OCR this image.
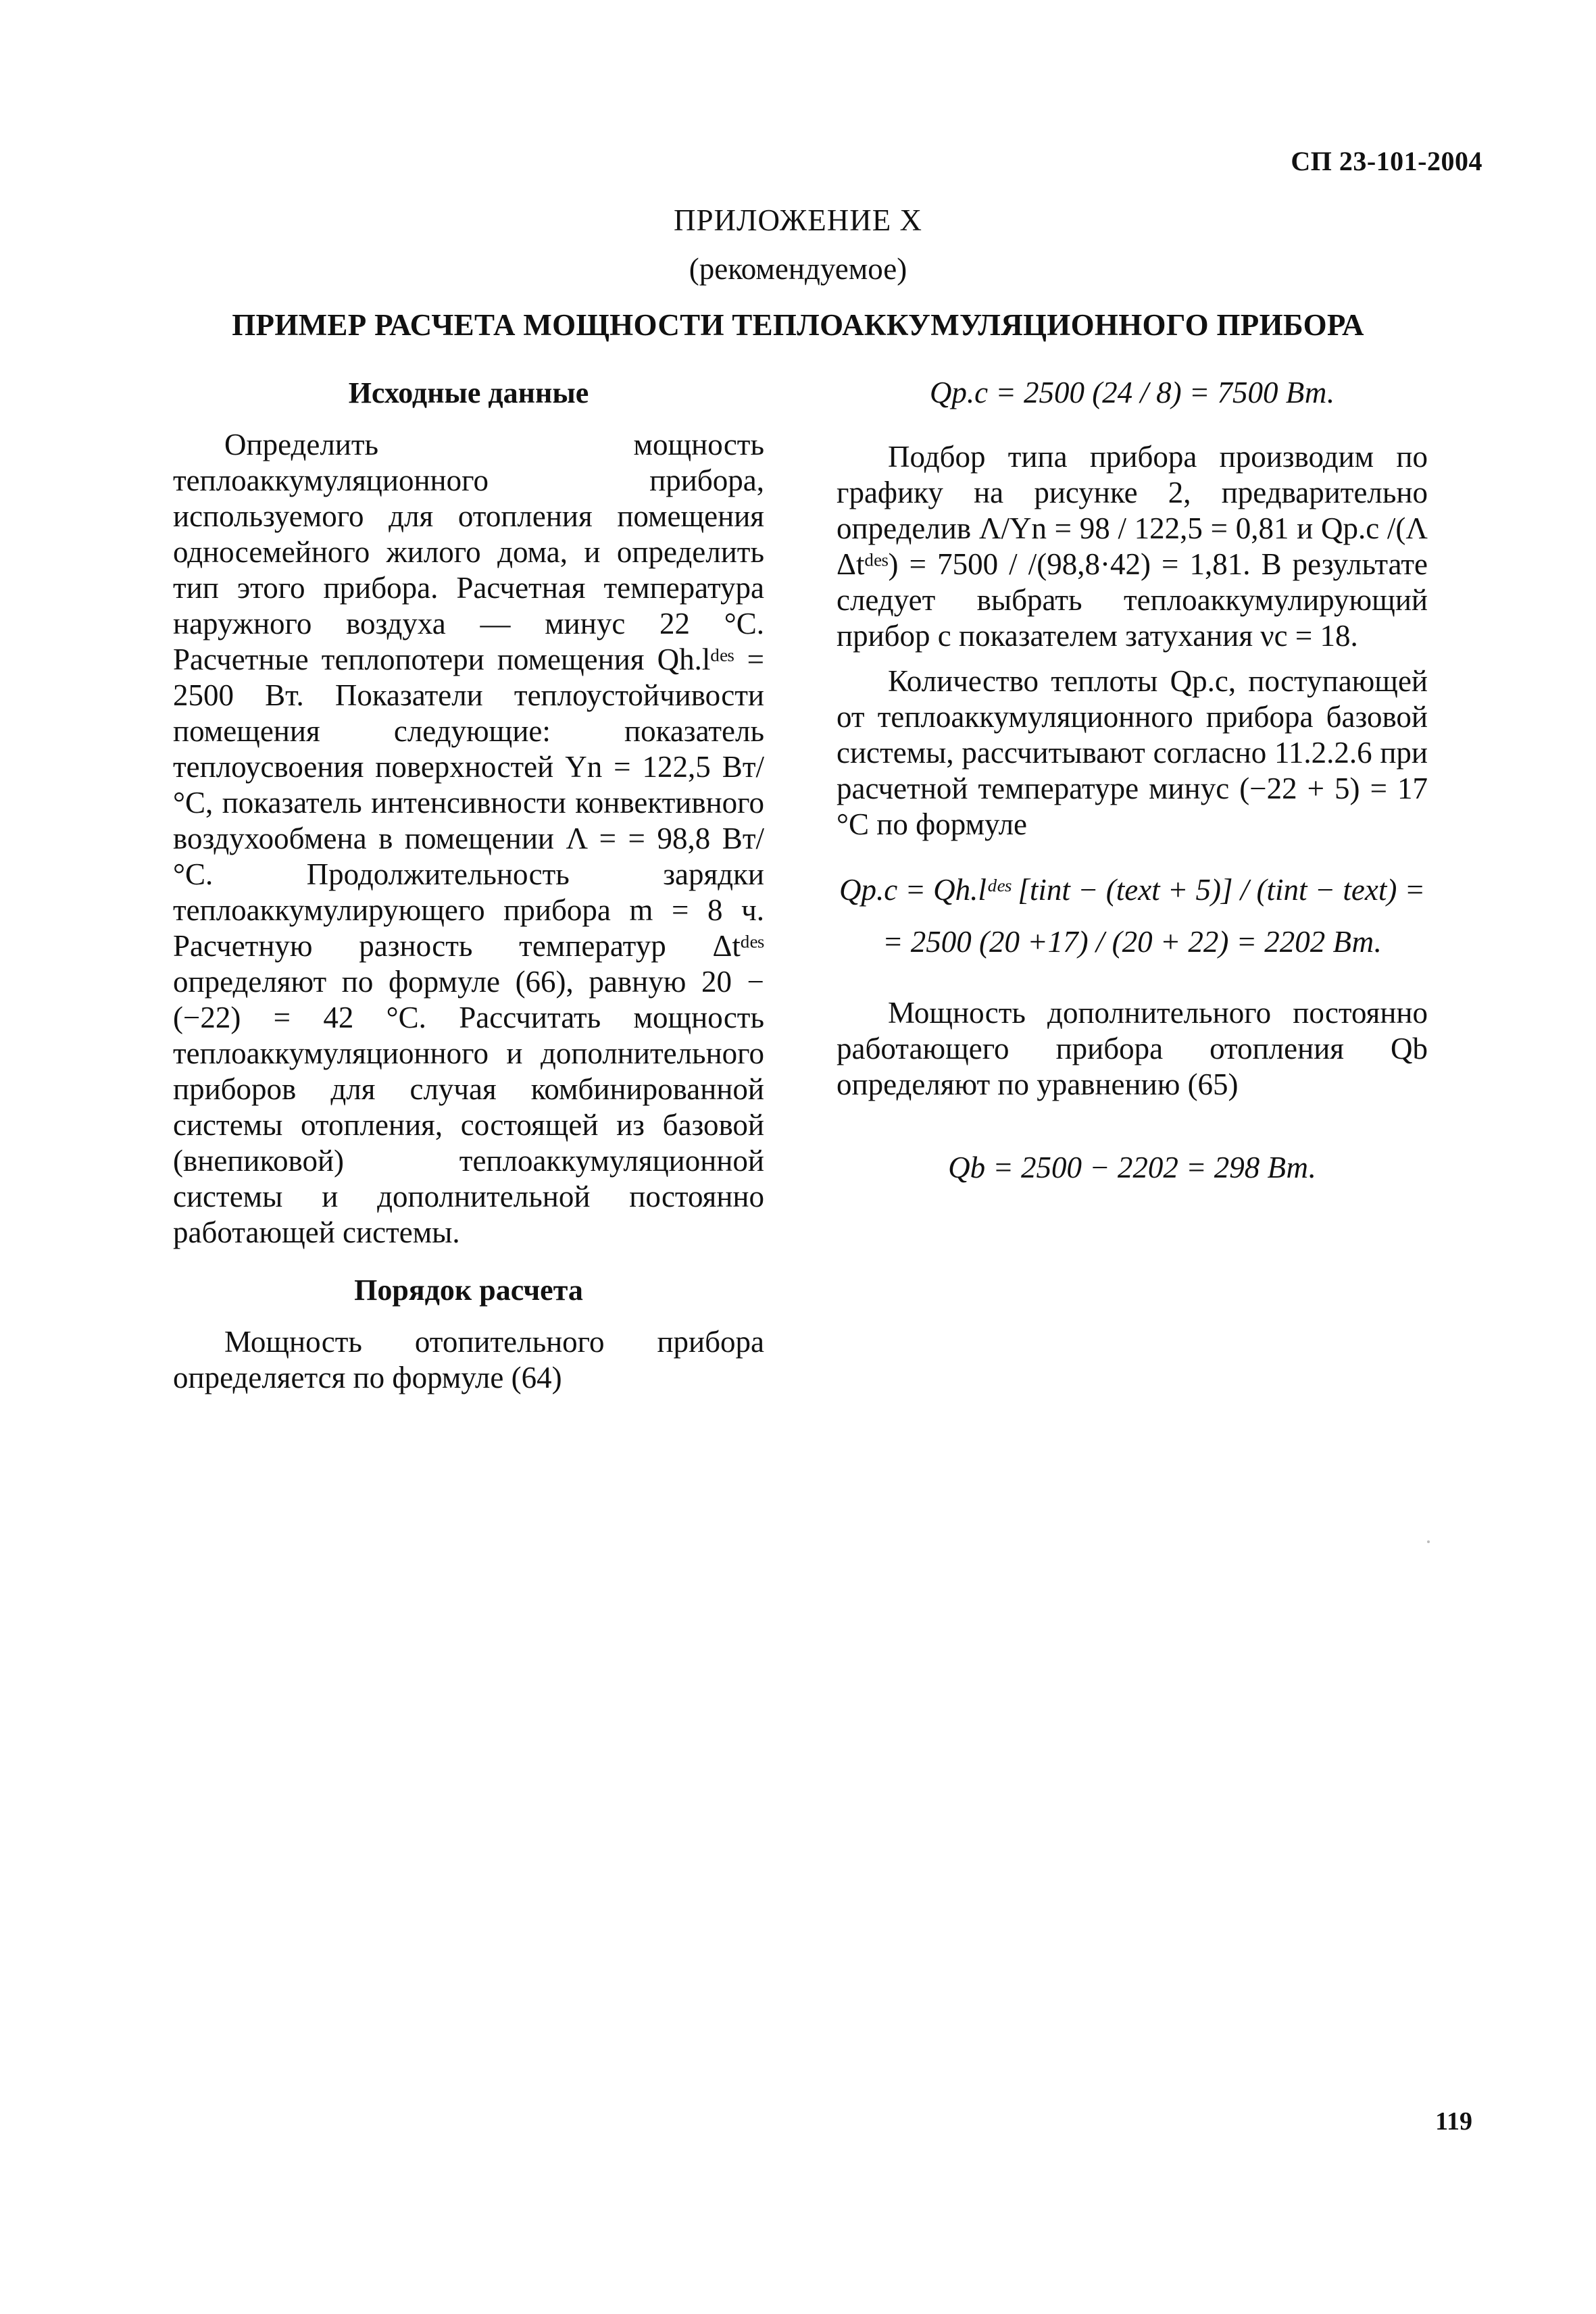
СП 23-101-2004
ПРИЛОЖЕНИЕ Х
(рекомендуемое)
ПРИМЕР РАСЧЕТА МОЩНОСТИ ТЕПЛОАККУМУЛЯЦИОННОГО ПРИБОРА
Исходные данные

Определить мощность теплоаккумуляционного прибора, используемого для отопления помещения односемейного жилого дома, и определить тип этого прибора. Расчетная температура наружного воздуха — минус 22 °С. Расчетные теплопотери помещения Qh.lᵈᵉˢ = 2500 Вт. Показатели теплоустойчивости помещения следующие: показатель теплоусвоения поверхностей Yn = 122,5 Вт/°С, показатель интенсивности конвективного воздухообмена в помещении Λ = = 98,8 Вт/°С. Продолжительность зарядки теплоаккумулирующего прибора m = 8 ч. Расчетную разность температур Δtᵈᵉˢ определяют по формуле (66), равную 20 − (−22) = 42 °С. Рассчитать мощность теплоаккумуляционного и дополнительного приборов для случая комбинированной системы отопления, состоящей из базовой (внепиковой) теплоаккумуляционной системы и дополнительной постоянно работающей системы.

Порядок расчета

Мощность отопительного прибора определяется по формуле (64)

Qp.c = 2500 (24 / 8) = 7500 Вт.

Подбор типа прибора производим по графику на рисунке 2, предварительно определив Λ/Yn = 98 / 122,5 = 0,81 и Qp.c /(Λ Δtᵈᵉˢ) = 7500 / /(98,8·42) = 1,81. В результате следует выбрать теплоаккумулирующий прибор с показателем затухания νc = 18.

Количество теплоты Qp.c, поступающей от теплоаккумуляционного прибора базовой системы, рассчитывают согласно 11.2.2.6 при расчетной температуре минус (−22 + 5) = 17 °С по формуле

Qp.c = Qh.lᵈᵉˢ [tint − (text + 5)] / (tint − text) =
= 2500 (20 +17) / (20 + 22) = 2202 Вт.

Мощность дополнительного постоянно работающего прибора отопления Qb определяют по уравнению (65)

Qb = 2500 − 2202 = 298 Вт.
119
